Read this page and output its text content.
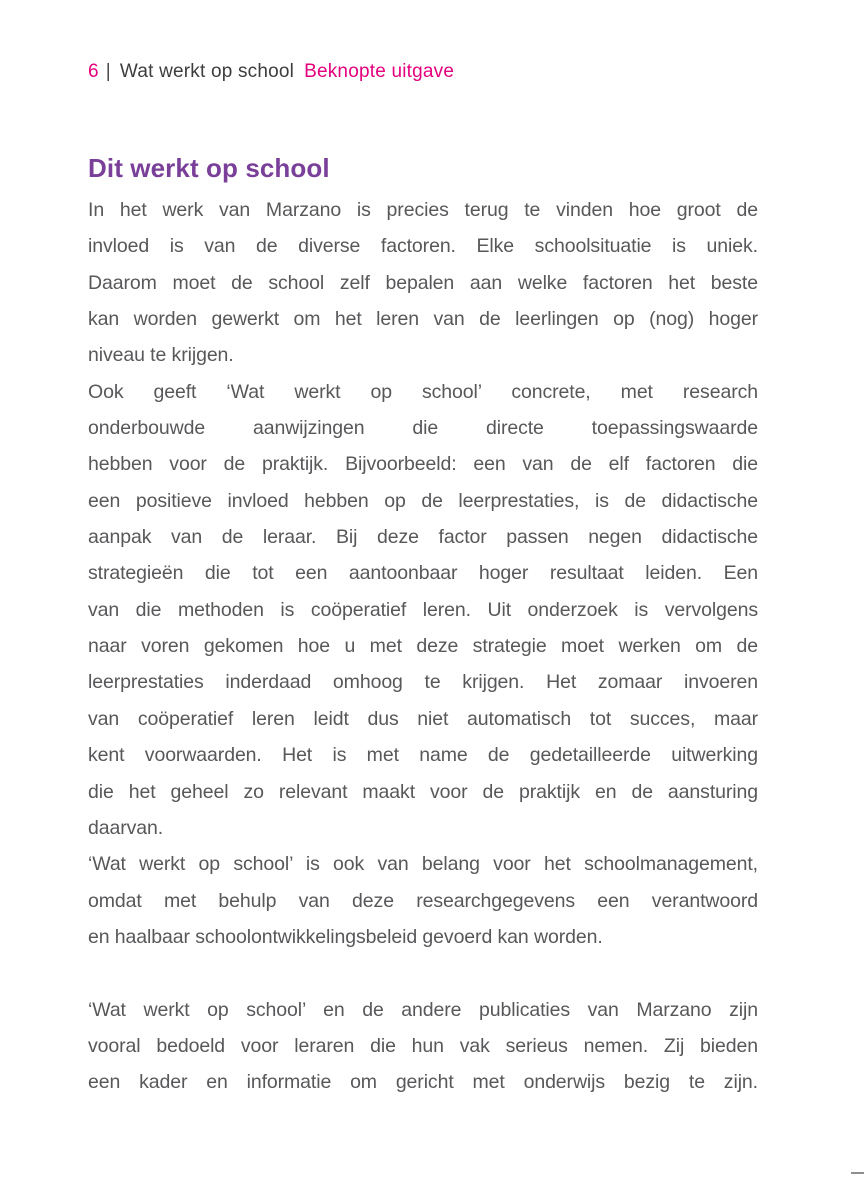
6 | Wat werkt op school Beknopte uitgave
Dit werkt op school
In het werk van Marzano is precies terug te vinden hoe groot de
invloed is van de diverse factoren. Elke schoolsituatie is uniek.
Daarom moet de school zelf bepalen aan welke factoren het beste
kan worden gewerkt om het leren van de leerlingen op (nog) hoger
niveau te krijgen.
Ook geeft ‘Wat werkt op school’ concrete, met research
onderbouwde aanwijzingen die directe toepassingswaarde
hebben voor de praktijk. Bijvoorbeeld: een van de elf factoren die
een positieve invloed hebben op de leerprestaties, is de didactische
aanpak van de leraar. Bij deze factor passen negen didactische
strategieën die tot een aantoonbaar hoger resultaat leiden. Een
van die methoden is coöperatief leren. Uit onderzoek is vervolgens
naar voren gekomen hoe u met deze strategie moet werken om de
leerprestaties inderdaad omhoog te krijgen. Het zomaar invoeren
van coöperatief leren leidt dus niet automatisch tot succes, maar
kent voorwaarden. Het is met name de gedetailleerde uitwerking
die het geheel zo relevant maakt voor de praktijk en de aansturing
daarvan.
‘Wat werkt op school’ is ook van belang voor het schoolmanagement,
omdat met behulp van deze researchgegevens een verantwoord
en haalbaar schoolontwikkelingsbeleid gevoerd kan worden.
‘Wat werkt op school’ en de andere publicaties van Marzano zijn
vooral bedoeld voor leraren die hun vak serieus nemen. Zij bieden
een kader en informatie om gericht met onderwijs bezig te zijn.
